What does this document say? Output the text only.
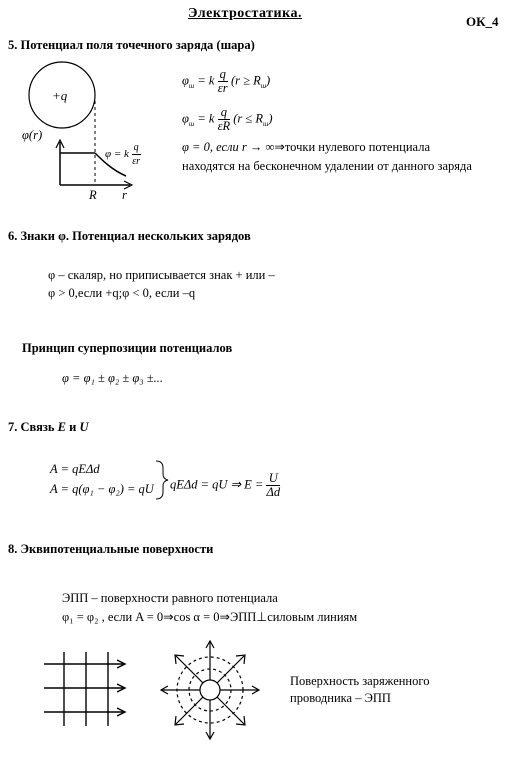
Электростатика.
ОК_4
5. Потенциал поля точечного заряда (шара)
+q
φ(r)
R r
φ = k $\frac{q}{\varepsilon r}$
$\varphi_ш = k \frac{q}{\varepsilon r} (r \ge R_ш)$
$\varphi_ш = k \frac{q}{\varepsilon R} (r \le R_ш)$
φ = 0, если r → ∞⇒точки нулевого потенциала
находятся на бесконечном удалении от данного заряда
6. Знаки φ. Потенциал нескольких зарядов
φ – скаляр, но приписывается знак + или –
φ > 0,если +q;φ < 0, если –q
Принцип суперпозиции потенциалов
φ = φ₁ ± φ₂ ± φ₃ ±...
7. Связь E и U
A = qEΔd
A = q(φ₁ − φ₂) = qU qEΔd = qU ⇒ $E = \frac{U}{\Delta d}$
8. Эквипотенциальные поверхности
ЭПП – поверхности равного потенциала
φ₁ = φ₂ , если A = 0⇒cos α = 0⇒ЭПП⊥силовым линиям
Поверхность заряженного
проводника – ЭПП
